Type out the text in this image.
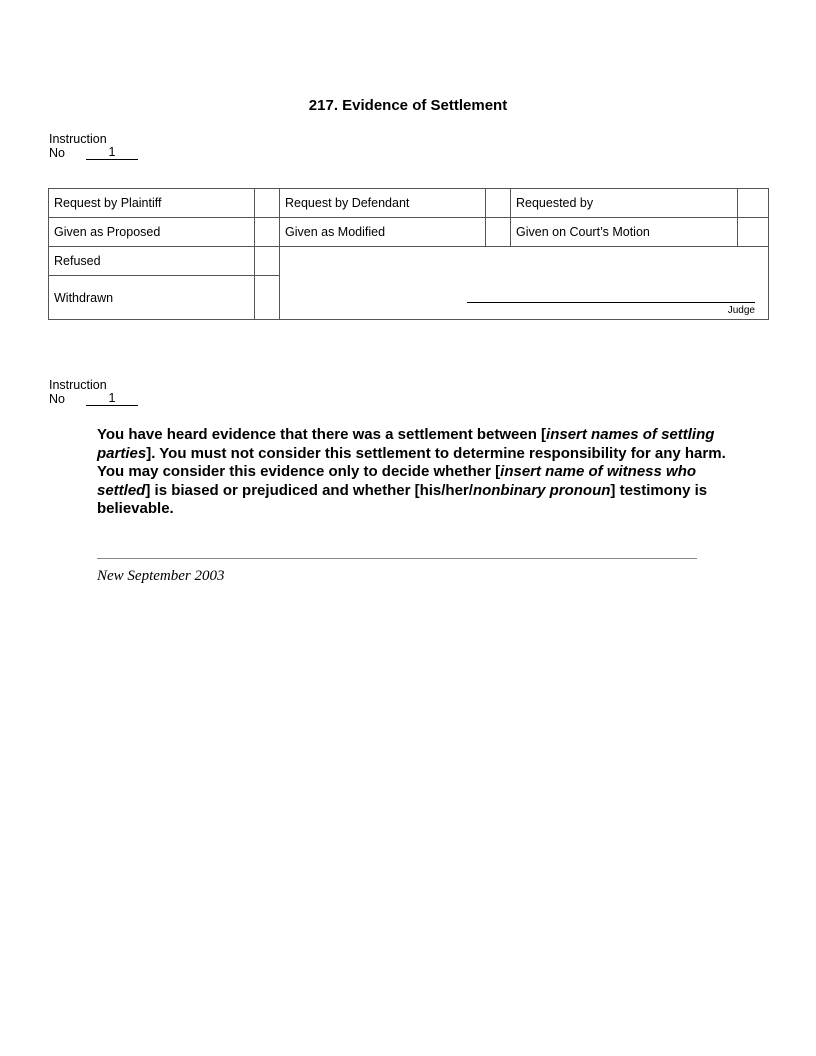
217. Evidence of Settlement
Instruction
No	1
Request by Plaintiff		Request by Defendant		Requested by	
Given as Proposed		Given as Modified		Given on Court’s Motion	
Refused		Judge			

Withdrawn					
Instruction
No	1
You have heard evidence that there was a settlement between [insert names of settling parties]. You must not consider this settlement to determine responsibility for any harm. You may consider this evidence only to decide whether [insert name of witness who settled] is biased or prejudiced and whether [his/her/nonbinary pronoun] testimony is believable.
New September 2003
